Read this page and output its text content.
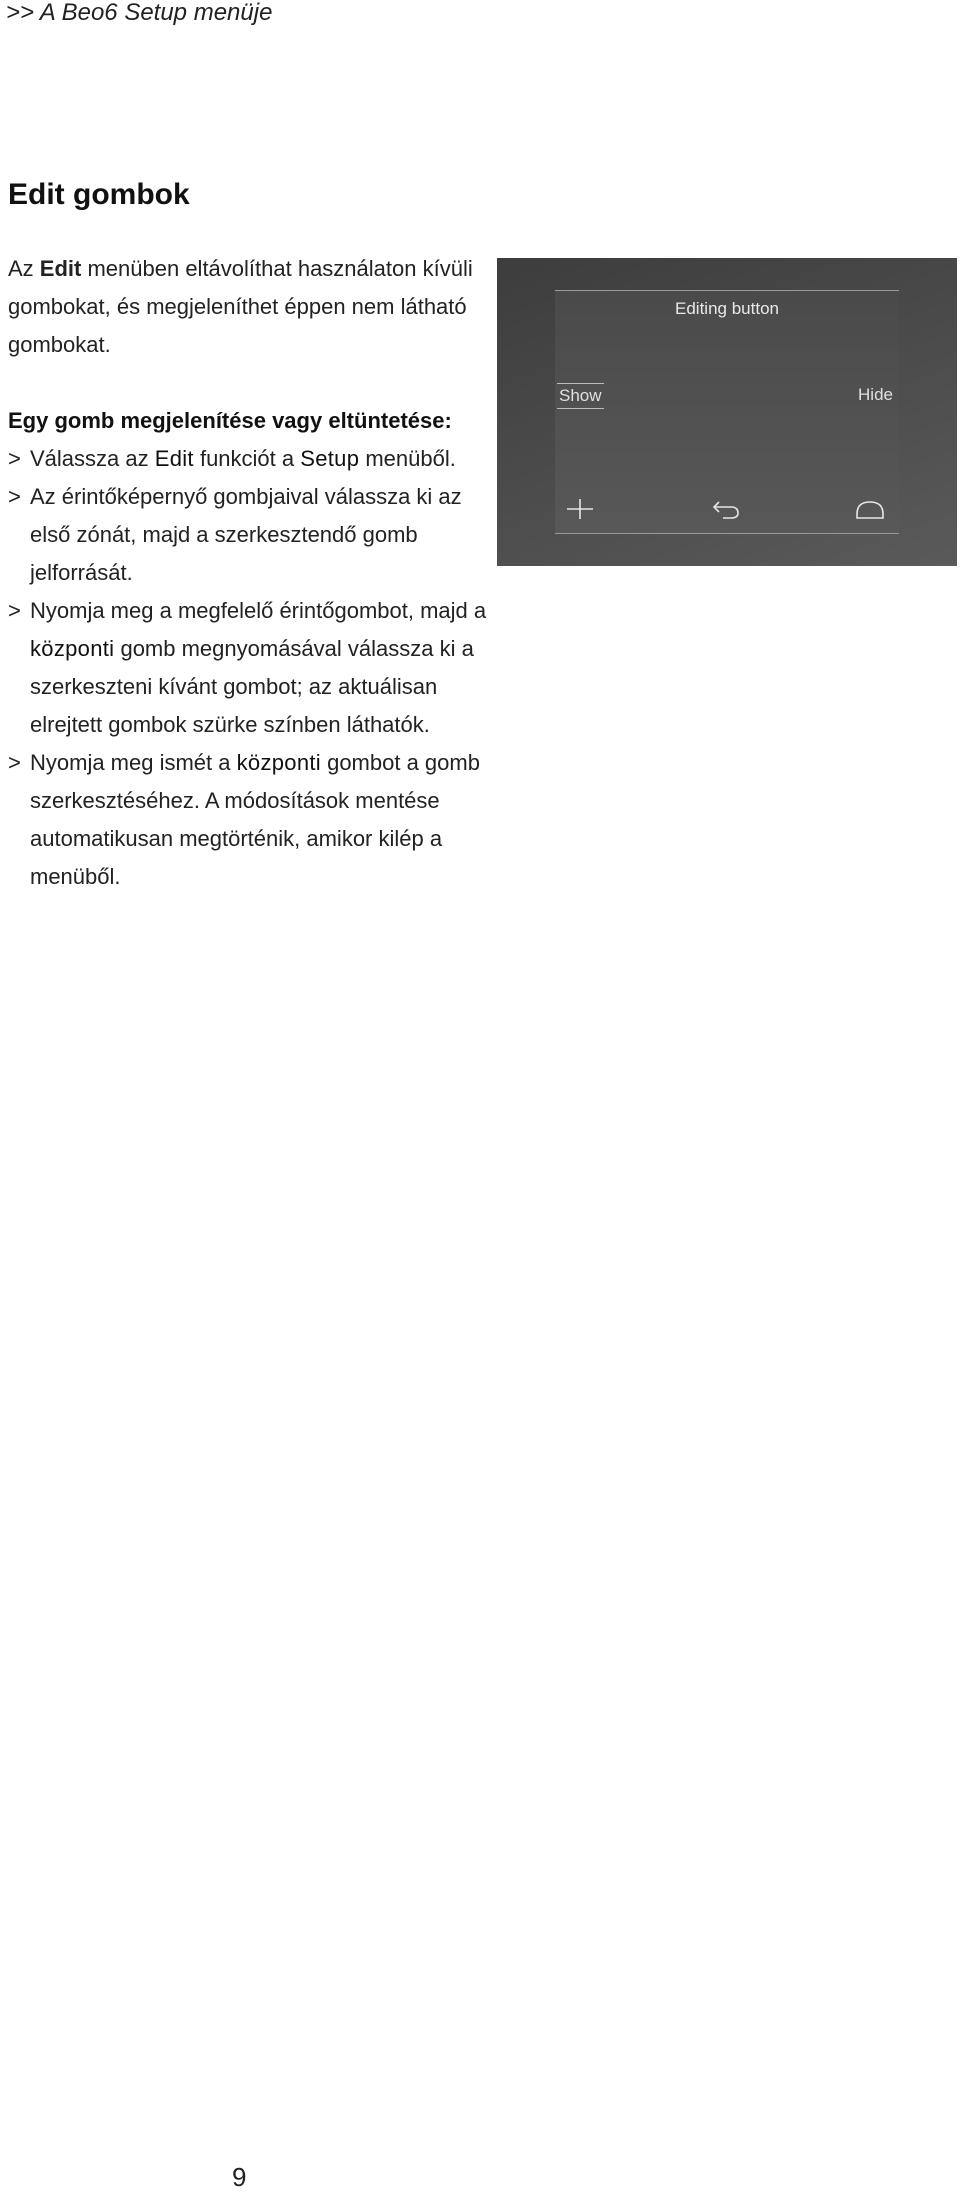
>> A Beo6 Setup menüje
Edit gombok

Az Edit menüben eltávolíthat használaton kívüli gombokat, és megjeleníthet éppen nem látható gombokat.

Egy gomb megjelenítése vagy eltüntetése:

> Válassza az Edit funkciót a Setup menüből.
> Az érintőképernyő gombjaival válassza ki az első zónát, majd a szerkesztendő gomb jelforrását.
> Nyomja meg a megfelelő érintőgombot, majd a központi gomb megnyomásával válassza ki a szerkeszteni kívánt gombot; az aktuálisan elrejtett gombok szürke színben láthatók.
> Nyomja meg ismét a központi gombot a gomb szerkesztéséhez. A módosítások mentése automatikusan megtörténik, amikor kilép a menüből.
Editing button
Show	Hide
9
